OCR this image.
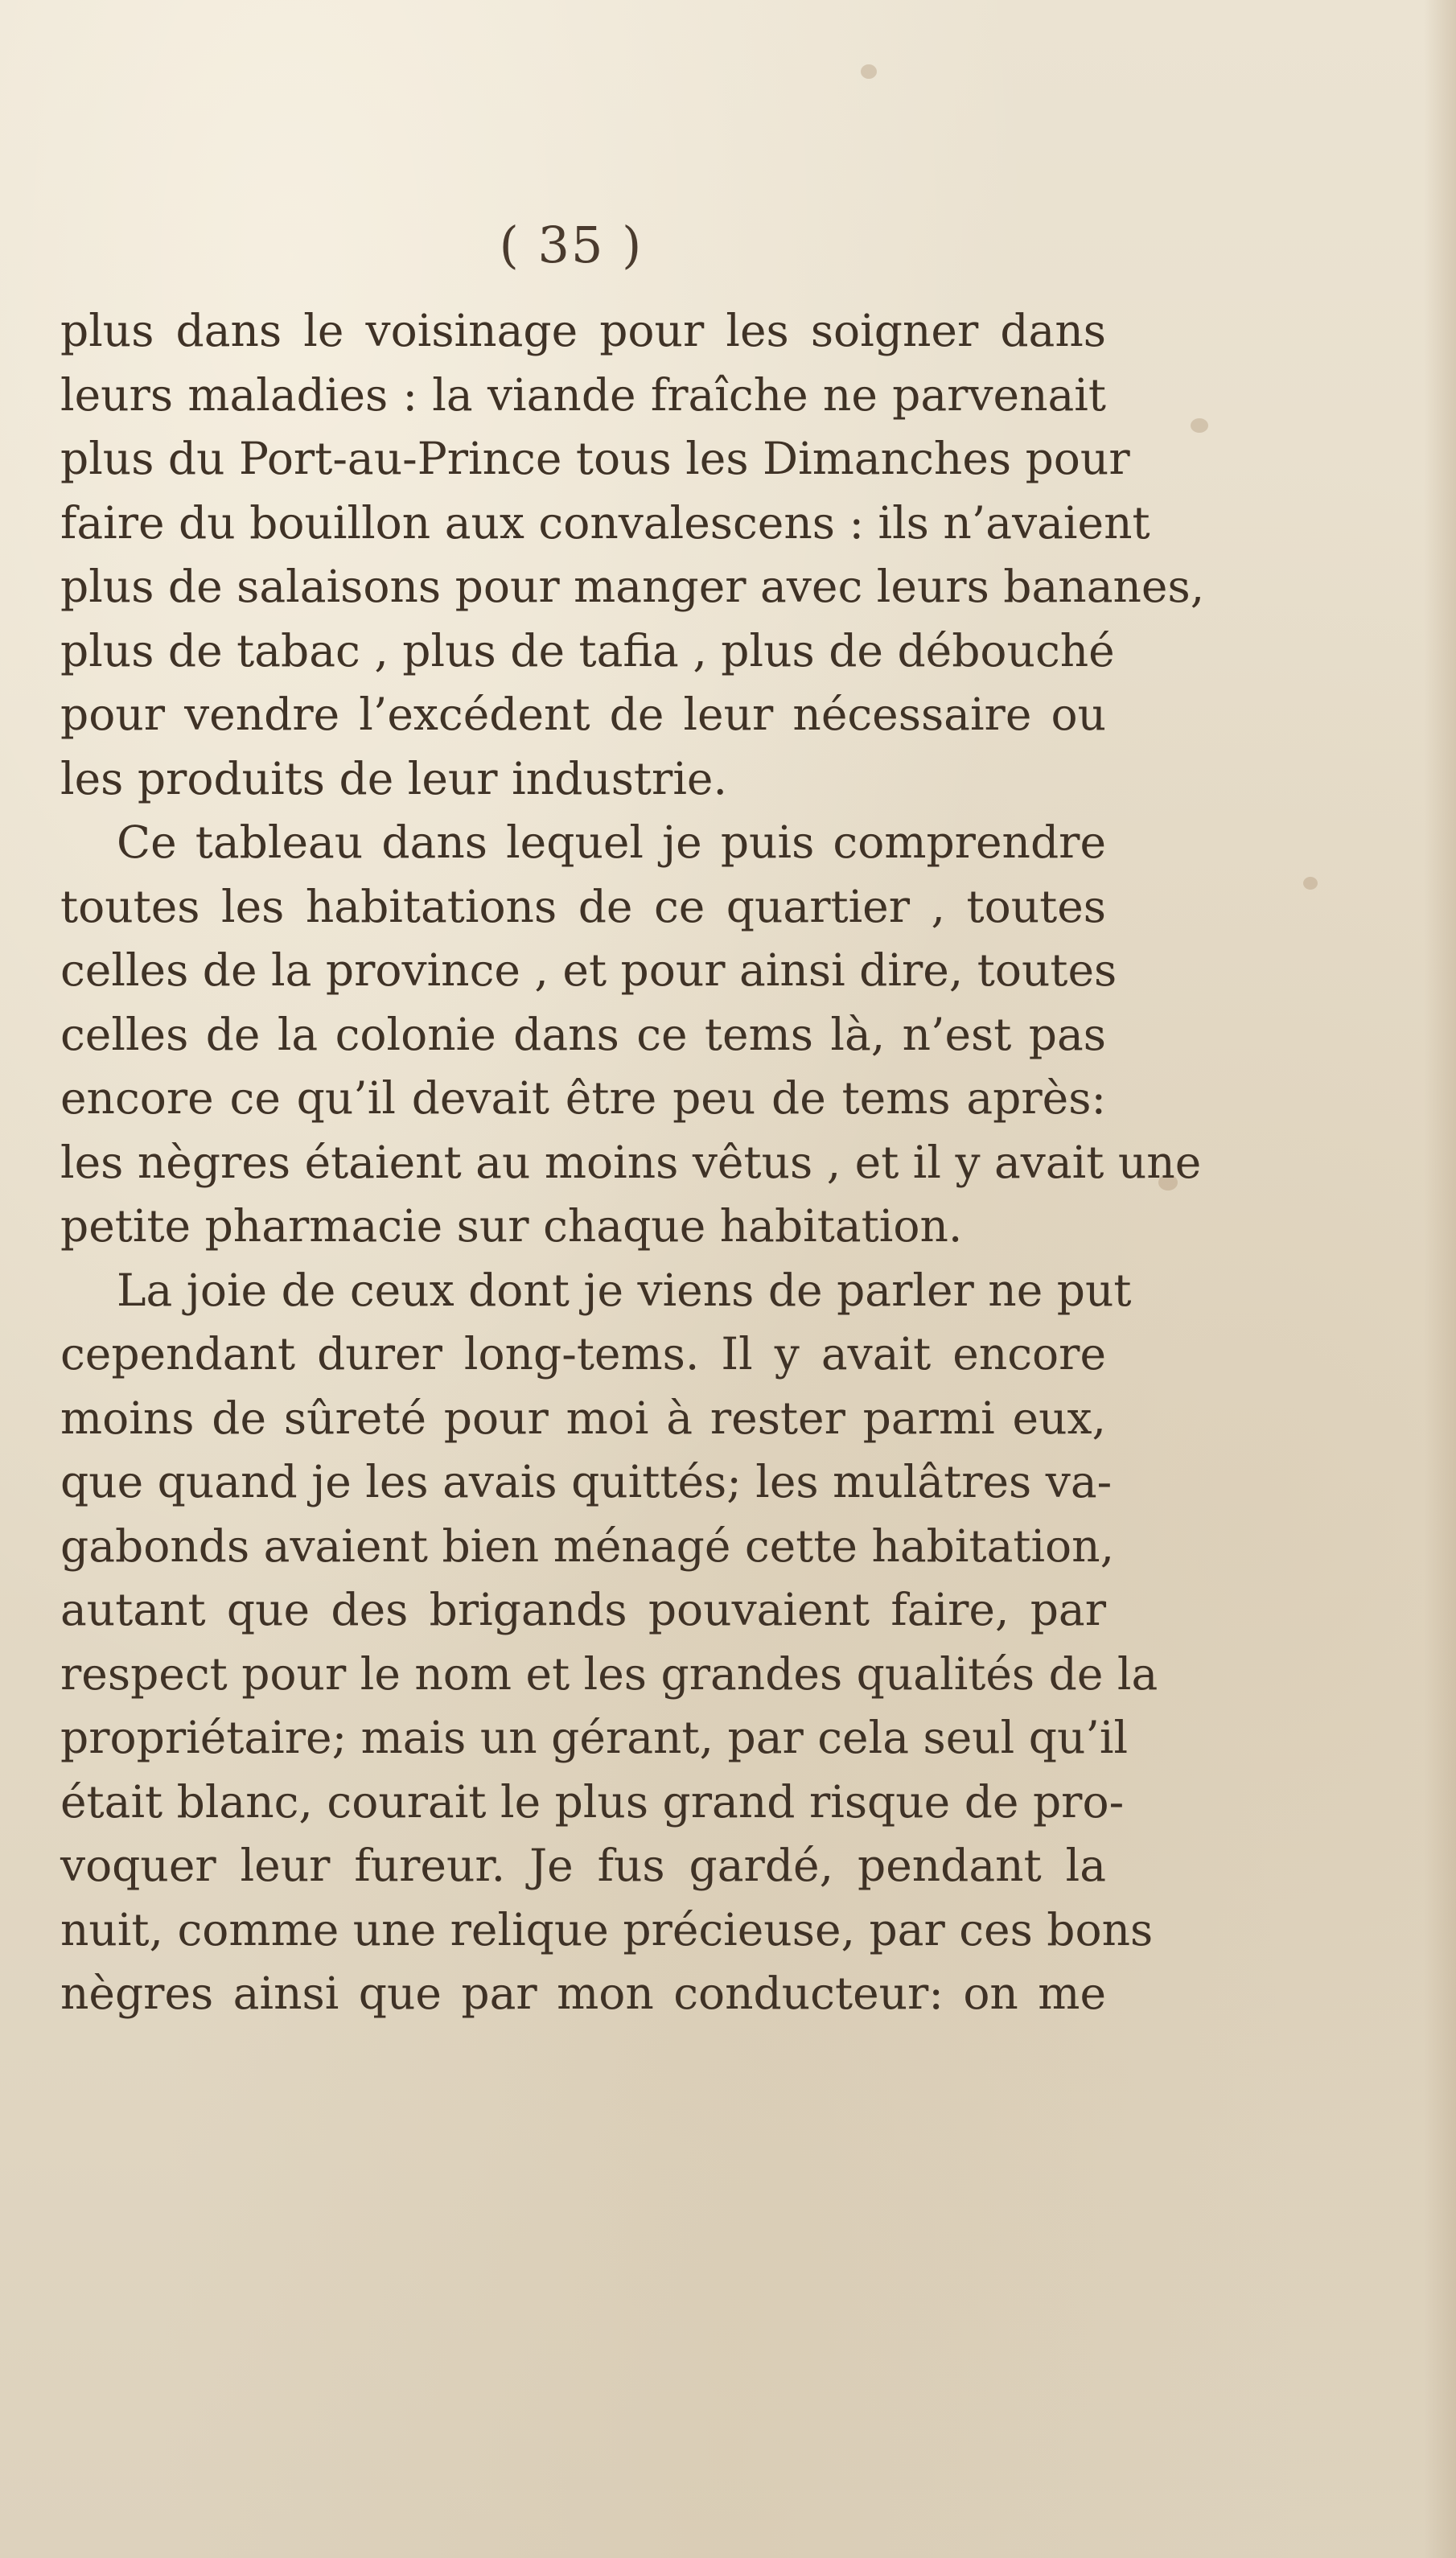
( 35 )
plus dans le voisinage pour les soigner dans
leurs maladies : la viande fraîche ne parvenait
plus du Port-au-Prince tous les Dimanches pour
faire du bouillon aux convalescens : ils n’avaient
plus de salaisons pour manger avec leurs bananes,
plus de tabac , plus de tafia , plus de débouché
pour vendre l’excédent de leur nécessaire ou
les produits de leur industrie.
Ce tableau dans lequel je puis comprendre
toutes les habitations de ce quartier , toutes
celles de la province , et pour ainsi dire, toutes
celles de la colonie dans ce tems là, n’est pas
encore ce qu’il devait être peu de tems après:
les nègres étaient au moins vêtus , et il y avait une
petite pharmacie sur chaque habitation.
La joie de ceux dont je viens de parler ne put
cependant durer long-tems. Il y avait encore
moins de sûreté pour moi à rester parmi eux,
que quand je les avais quittés; les mulâtres va-
gabonds avaient bien ménagé cette habitation,
autant que des brigands pouvaient faire, par
respect pour le nom et les grandes qualités de la
propriétaire; mais un gérant, par cela seul qu’il
était blanc, courait le plus grand risque de pro-
voquer leur fureur. Je fus gardé, pendant la
nuit, comme une relique précieuse, par ces bons
nègres ainsi que par mon conducteur: on me
